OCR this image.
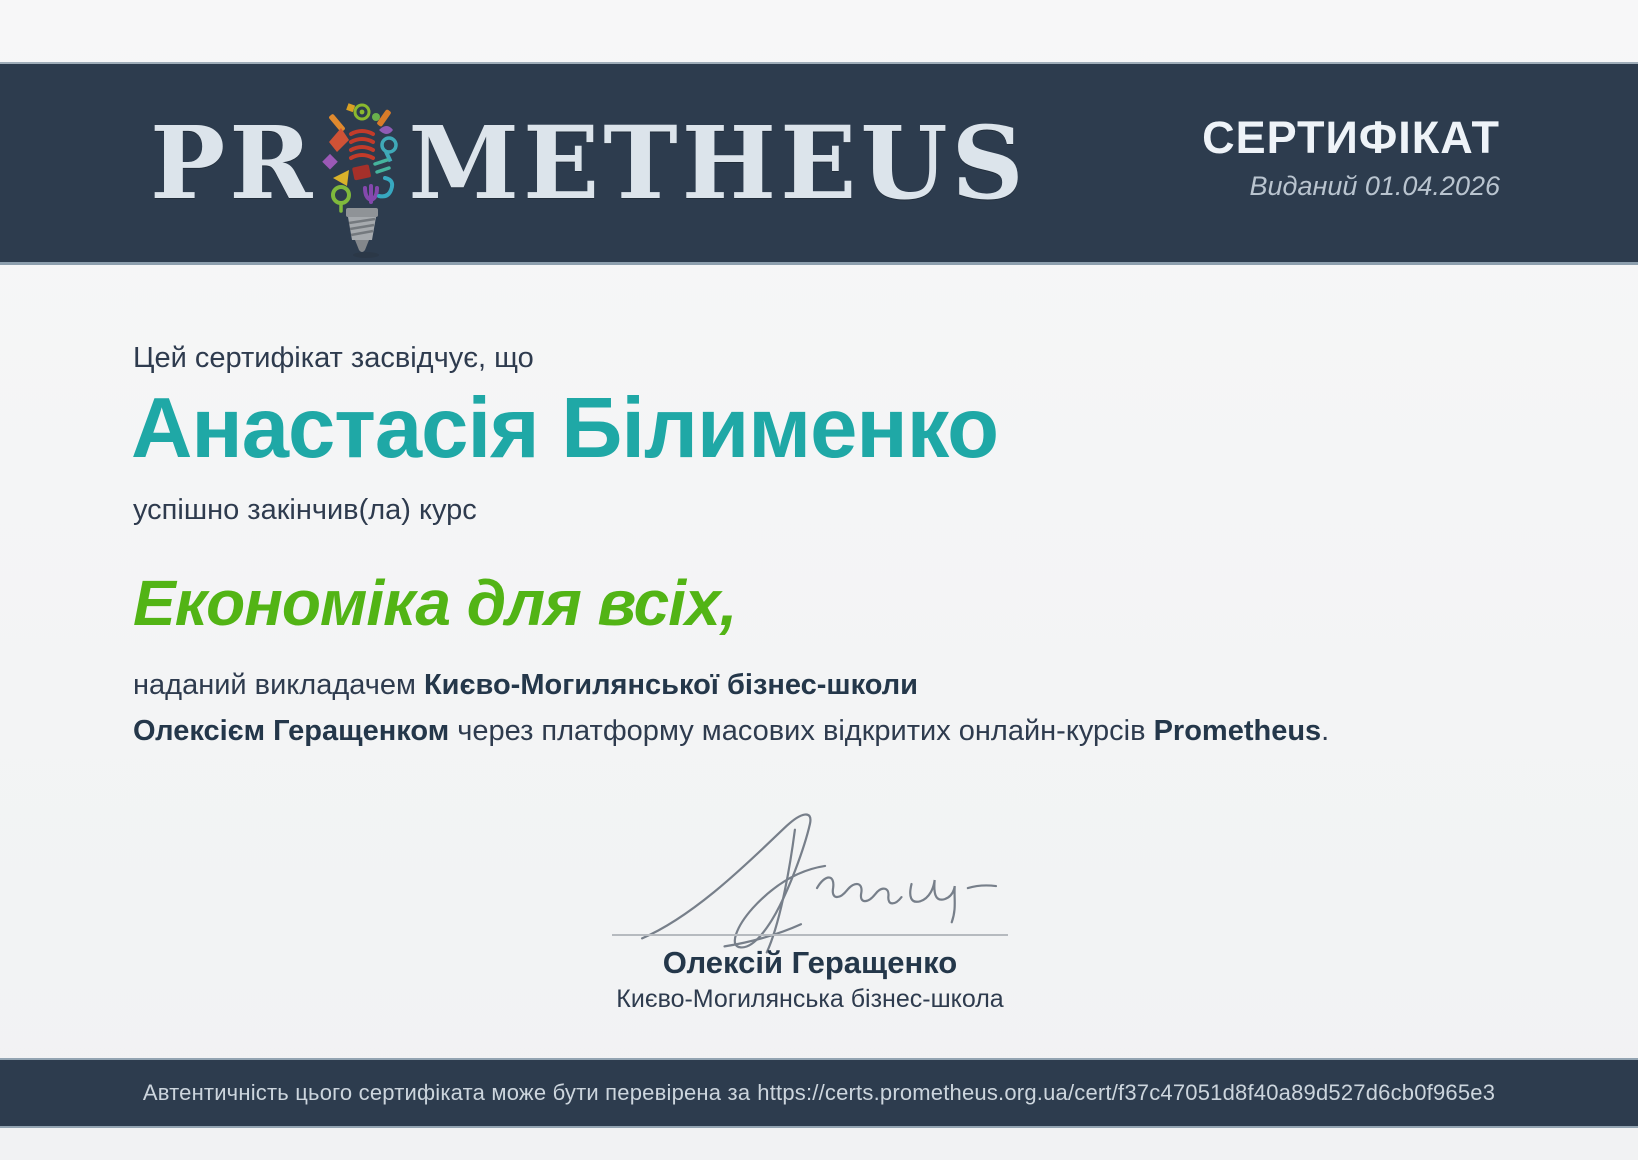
PR METHEUS	СЕРТИФІКАТ
Виданий 01.04.2026
Цей сертифікат засвідчує, що
Анастасія Білименко
успішно закінчив(ла) курс
Економіка для всіх,
наданий викладачем Києво-Могилянської бізнес-школи
Олексієм Геращенком через платформу масових відкритих онлайн-курсів Prometheus.
Олексій Геращенко
Києво-Могилянська бізнес-школа
Автентичність цього сертифіката може бути перевірена за https://certs.prometheus.org.ua/cert/f37c47051d8f40a89d527d6cb0f965e3
